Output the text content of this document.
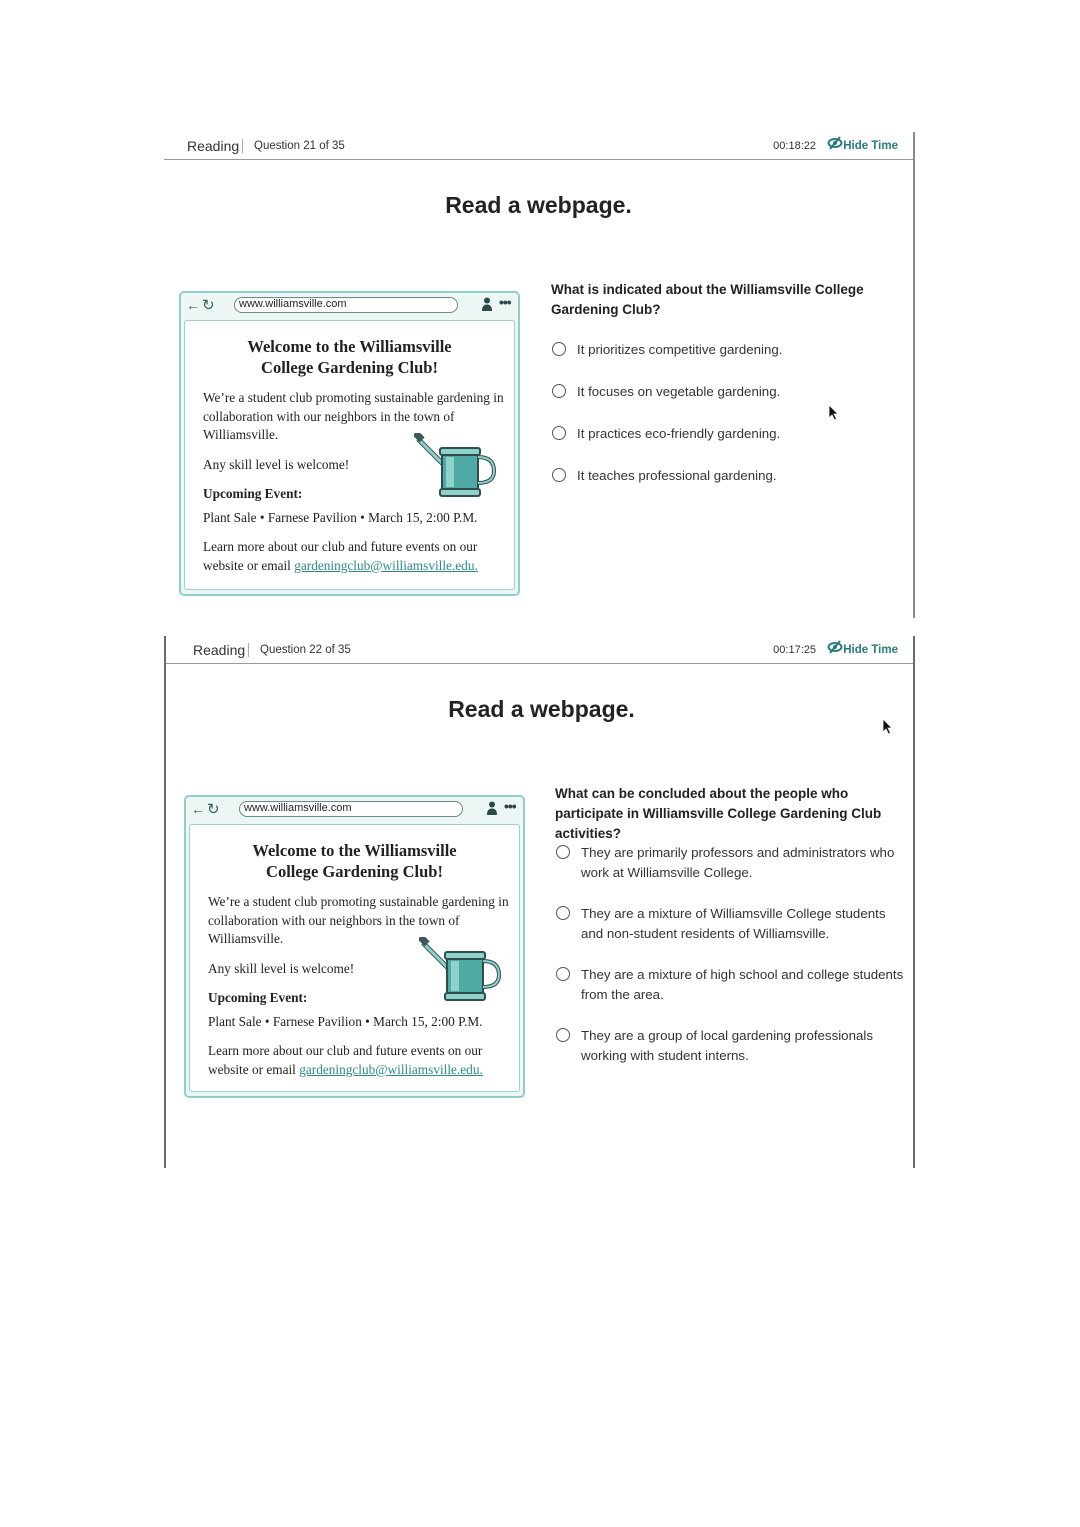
Reading Question 21 of 35	00:18:22 Hide Time
Read a webpage.
← ↻	www.williamsville.com	•••
Welcome to the Williamsville College Gardening Club!
We’re a student club promoting sustainable gardening in collaboration with our neighbors in the town of Williamsville.
Any skill level is welcome!
Upcoming Event:
Plant Sale • Farnese Pavilion • March 15, 2:00 P.M.
Learn more about our club and future events on our website or email gardeningclub@williamsville.edu.
What is indicated about the Williamsville College Gardening Club?
It prioritizes competitive gardening.
It focuses on vegetable gardening.
It practices eco-friendly gardening.
It teaches professional gardening.
Reading Question 22 of 35	00:17:25 Hide Time
Read a webpage.
← ↻	www.williamsville.com	•••
Welcome to the Williamsville College Gardening Club!
We’re a student club promoting sustainable gardening in collaboration with our neighbors in the town of Williamsville.
Any skill level is welcome!
Upcoming Event:
Plant Sale • Farnese Pavilion • March 15, 2:00 P.M.
Learn more about our club and future events on our website or email gardeningclub@williamsville.edu.
What can be concluded about the people who participate in Williamsville College Gardening Club activities?
They are primarily professors and administrators who work at Williamsville College.
They are a mixture of Williamsville College students and non-student residents of Williamsville.
They are a mixture of high school and college students from the area.
They are a group of local gardening professionals working with student interns.
